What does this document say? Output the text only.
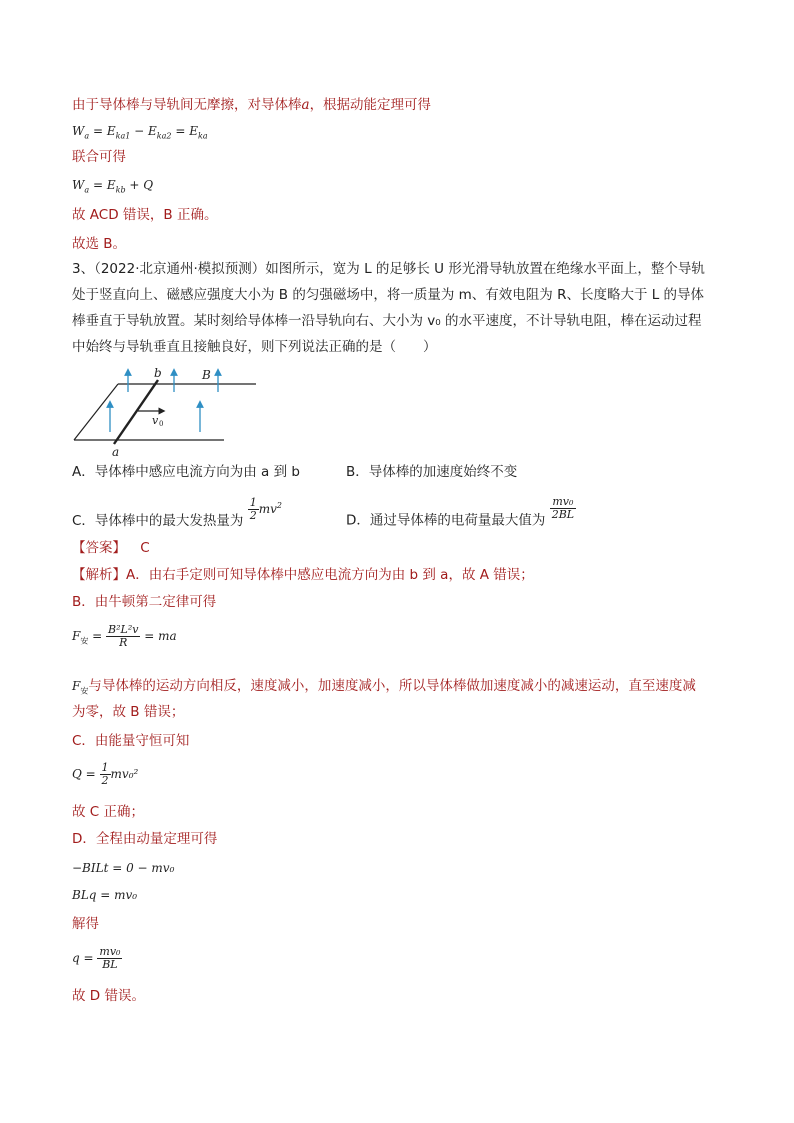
由于导体棒与导轨间无摩擦，对导体棒a，根据动能定理可得
$W_a = E_{ka1} - E_{ka2} = E_{ka}$
联合可得
$W_a = E_{kb} + Q$
故 ACD 错误，B 正确。
故选 B。
3、（2022·北京通州·模拟预测）如图所示，宽为 L 的足够长 U 形光滑导轨放置在绝缘水平面上，整个导轨
处于竖直向上、磁感应强度大小为 B 的匀强磁场中，将一质量为 m、有效电阻为 R、长度略大于 L 的导体
棒垂直于导轨放置。某时刻给导体棒一沿导轨向右、大小为 v₀ 的水平速度，不计导轨电阻，棒在运动过程
中始终与导轨垂直且接触良好，则下列说法正确的是（　　）
b	B
v 0
a
A．导体棒中感应电流方向为由 a 到 b	B．导体棒的加速度始终不变
C．导体棒中的最大发热量为 $\frac{1}{2} mv^2$
D．通过导体棒的电荷量最大值为 $\frac{\text{mv₀}}{2BL}$
【答案】 C
【解析】A．由右手定则可知导体棒中感应电流方向为由 b 到 a，故 A 错误；
B．由牛顿第二定律可得
$F_安 = \frac{\text{B²L²v}}{R}$ = ma
$F_安$与导体棒的运动方向相反，速度减小，加速度减小，所以导体棒做加速度减小的减速运动，直至速度减
为零，故 B 错误；
C．由能量守恒可知
$Q = \frac{1}{2} mv_0^2$
故 C 正确；
D．全程由动量定理可得
−BILt = 0 − mv₀
BLq = mv₀
解得
$q = \frac{\text{mv₀}}{BL}$
故 D 错误。
